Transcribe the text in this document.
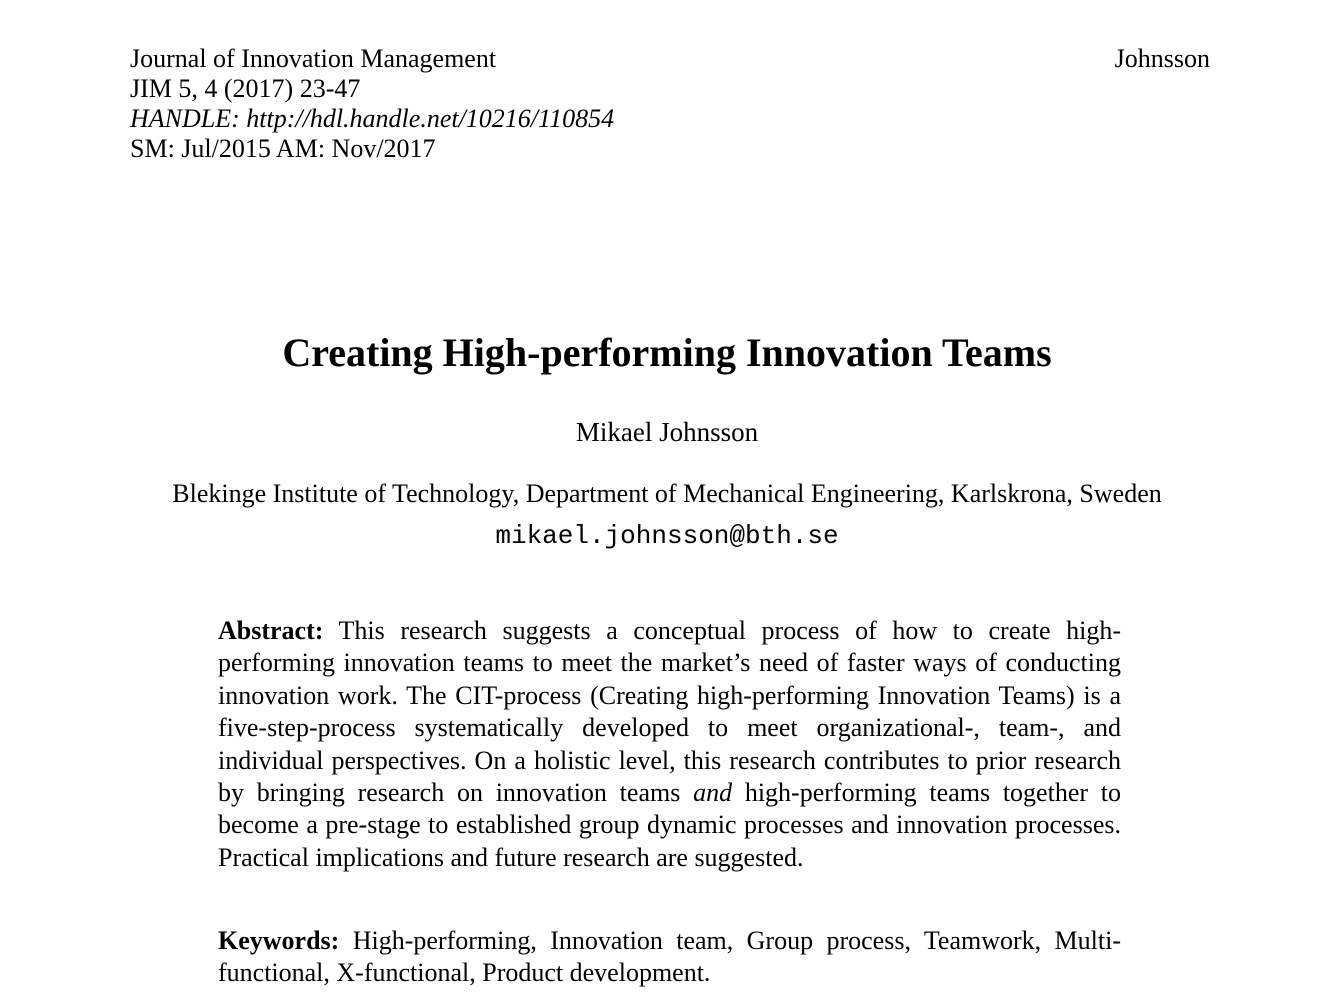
Journal of Innovation Management
JIM 5, 4 (2017) 23-47
HANDLE: http://hdl.handle.net/10216/110854
SM: Jul/2015 AM: Nov/2017
Johnsson
Creating High-performing Innovation Teams
Mikael Johnsson
Blekinge Institute of Technology, Department of Mechanical Engineering, Karlskrona, Sweden
mikael.johnsson@bth.se

Abstract: This research suggests a conceptual process of how to create high-performing innovation teams to meet the market’s need of faster ways of conducting innovation work. The CIT-process (Creating high-performing Innovation Teams) is a five-step-process systematically developed to meet organizational-, team-, and individual perspectives. On a holistic level, this research contributes to prior research by bringing research on innovation teams and high-performing teams together to become a pre-stage to established group dynamic processes and innovation processes. Practical implications and future research are suggested.

Keywords: High-performing, Innovation team, Group process, Teamwork, Multi-functional, X-functional, Product development.
